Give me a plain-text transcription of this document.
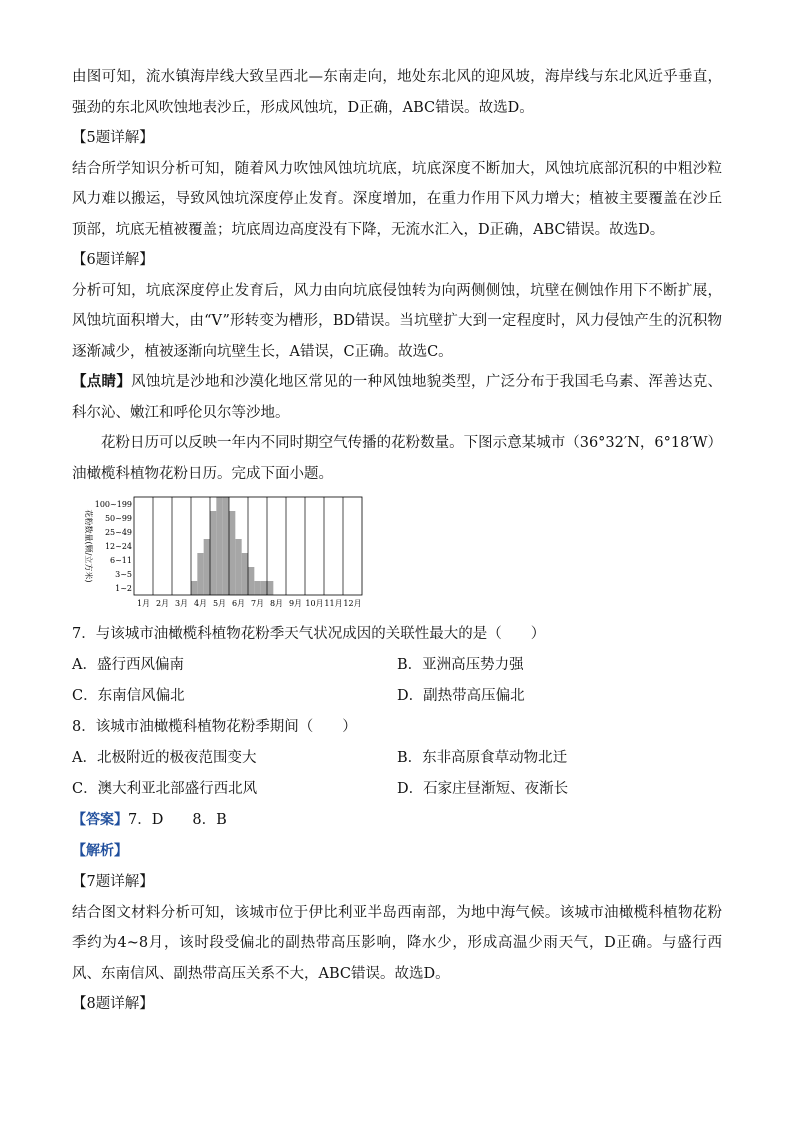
由图可知，流水镇海岸线大致呈西北—东南走向，地处东北风的迎风坡，海岸线与东北风近乎垂直，强劲的东北风吹蚀地表沙丘，形成风蚀坑，D正确，ABC错误。故选D。

【5题详解】

结合所学知识分析可知，随着风力吹蚀风蚀坑坑底，坑底深度不断加大，风蚀坑底部沉积的中粗沙粒风力难以搬运，导致风蚀坑深度停止发育。深度增加，在重力作用下风力增大；植被主要覆盖在沙丘顶部，坑底无植被覆盖；坑底周边高度没有下降，无流水汇入，D正确，ABC错误。故选D。

【6题详解】

分析可知，坑底深度停止发育后，风力由向坑底侵蚀转为向两侧侧蚀，坑壁在侧蚀作用下不断扩展，风蚀坑面积增大，由“V”形转变为槽形，BD错误。当坑壁扩大到一定程度时，风力侵蚀产生的沉积物逐渐减少，植被逐渐向坑壁生长，A错误，C正确。故选C。

【点睛】风蚀坑是沙地和沙漠化地区常见的一种风蚀地貌类型，广泛分布于我国毛乌素、浑善达克、科尔沁、嫩江和呼伦贝尔等沙地。

花粉日历可以反映一年内不同时期空气传播的花粉数量。下图示意某城市（36°32′N，6°18′W）油橄榄科植物花粉日历。完成下面小题。

1~2
3~5
6~11
12~24
25~49
50~99
100~199
1月 2月 3月 4月 5月 6月 7月 8月 9月 10月 11月 12月
花粉数量(颗/立方米)

7．与该城市油橄榄科植物花粉季天气状况成因的关联性最大的是（　　）

A．盛行西风偏南	B．亚洲高压势力强
C．东南信风偏北	D．副热带高压偏北

8．该城市油橄榄科植物花粉季期间（　　）

A．北极附近的极夜范围变大	B．东非高原食草动物北迁
C．澳大利亚北部盛行西北风	D．石家庄昼渐短、夜渐长

【答案】7．D　　8．B

【解析】

【7题详解】

结合图文材料分析可知，该城市位于伊比利亚半岛西南部，为地中海气候。该城市油橄榄科植物花粉季约为4~8月，该时段受偏北的副热带高压影响，降水少，形成高温少雨天气，D正确。与盛行西风、东南信风、副热带高压关系不大，ABC错误。故选D。

【8题详解】
